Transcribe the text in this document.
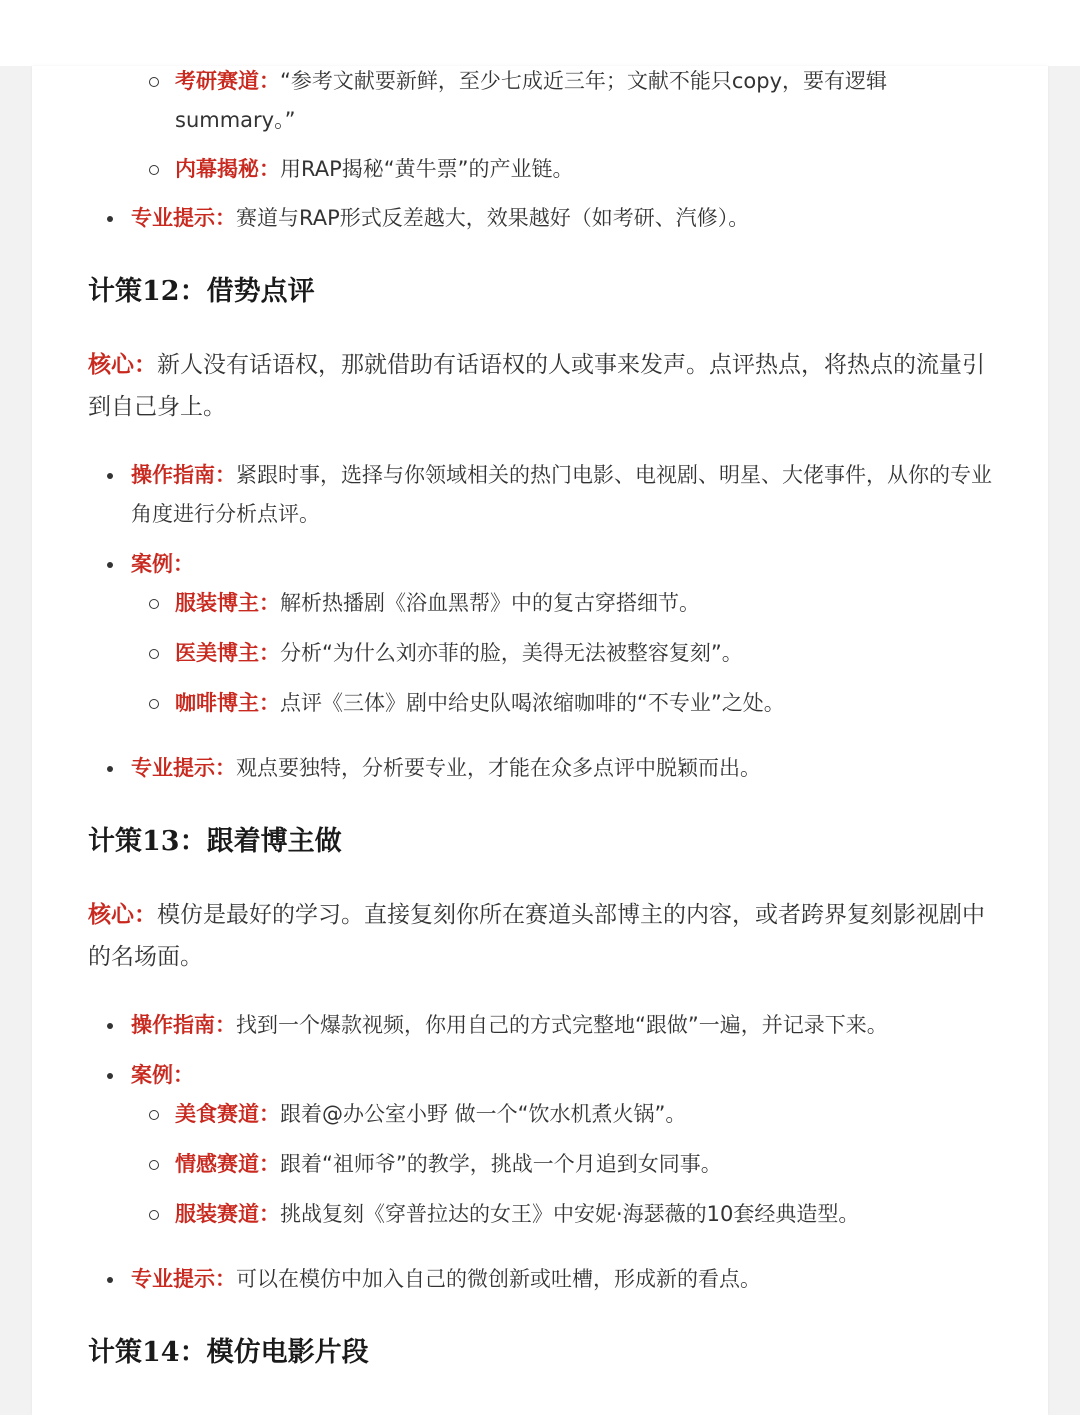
考研赛道：“参考文献要新鲜，至少七成近三年；文献不能只copy，要有逻辑summary。”
内幕揭秘：用RAP揭秘“黄牛票”的产业链。
专业提示：赛道与RAP形式反差越大，效果越好（如考研、汽修）。
计策12：借势点评
核心：新人没有话语权，那就借助有话语权的人或事来发声。点评热点，将热点的流量引到自己身上。
操作指南：紧跟时事，选择与你领域相关的热门电影、电视剧、明星、大佬事件，从你的专业角度进行分析点评。
案例：
服装博主：解析热播剧《浴血黑帮》中的复古穿搭细节。
医美博主：分析“为什么刘亦菲的脸，美得无法被整容复刻”。
咖啡博主：点评《三体》剧中给史队喝浓缩咖啡的“不专业”之处。
专业提示：观点要独特，分析要专业，才能在众多点评中脱颖而出。
计策13：跟着博主做
核心：模仿是最好的学习。直接复刻你所在赛道头部博主的内容，或者跨界复刻影视剧中的名场面。
操作指南：找到一个爆款视频，你用自己的方式完整地“跟做”一遍，并记录下来。
案例：
美食赛道：跟着@办公室小野 做一个“饮水机煮火锅”。
情感赛道：跟着“祖师爷”的教学，挑战一个月追到女同事。
服装赛道：挑战复刻《穿普拉达的女王》中安妮·海瑟薇的10套经典造型。
专业提示：可以在模仿中加入自己的微创新或吐槽，形成新的看点。
计策14：模仿电影片段
